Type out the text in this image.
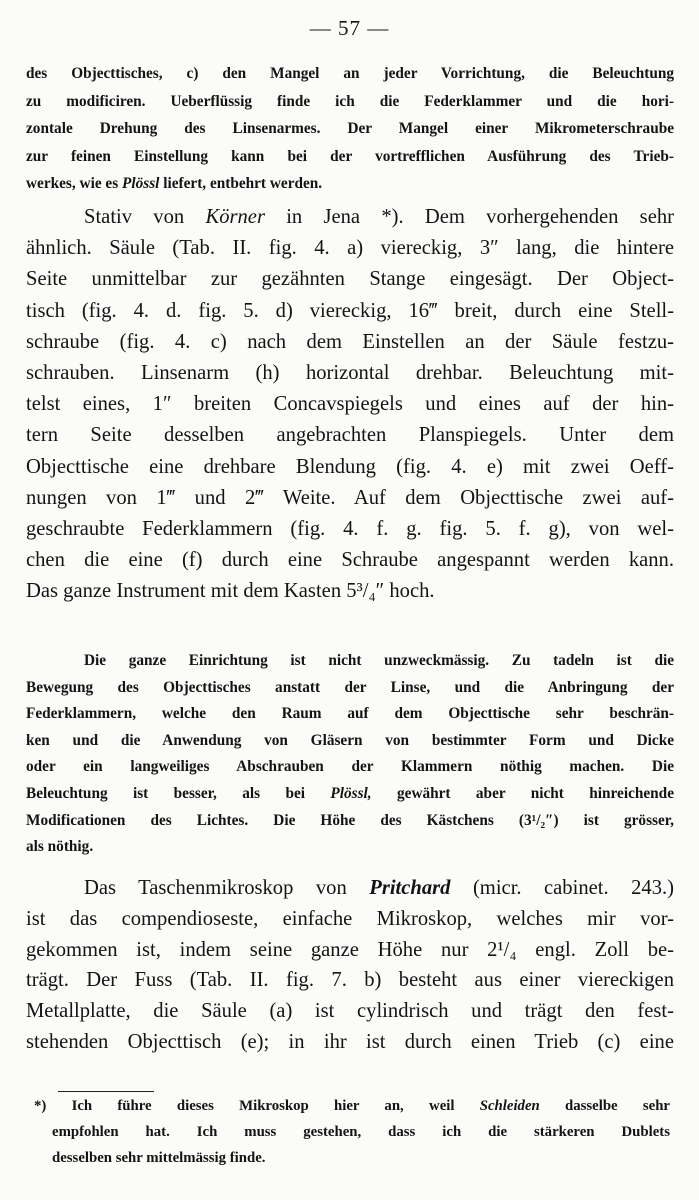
— 57 —
des Objecttisches, c) den Mangel an jeder Vorrichtung, die Beleuchtung
zu modificiren. Ueberflüssig finde ich die Federklammer und die hori-
zontale Drehung des Linsenarmes. Der Mangel einer Mikrometerschraube
zur feinen Einstellung kann bei der vortrefflichen Ausführung des Trieb-
werkes, wie es Plössl liefert, entbehrt werden.
Stativ von Körner in Jena *). Dem vorhergehenden sehr
ähnlich. Säule (Tab. II. fig. 4. a) viereckig, 3″ lang, die hintere
Seite unmittelbar zur gezähnten Stange eingesägt. Der Object-
tisch (fig. 4. d. fig. 5. d) viereckig, 16‴ breit, durch eine Stell-
schraube (fig. 4. c) nach dem Einstellen an der Säule festzu-
schrauben. Linsenarm (h) horizontal drehbar. Beleuchtung mit-
telst eines, 1″ breiten Concavspiegels und eines auf der hin-
tern Seite desselben angebrachten Planspiegels. Unter dem
Objecttische eine drehbare Blendung (fig. 4. e) mit zwei Oeff-
nungen von 1‴ und 2‴ Weite. Auf dem Objecttische zwei auf-
geschraubte Federklammern (fig. 4. f. g. fig. 5. f. g), von wel-
chen die eine (f) durch eine Schraube angespannt werden kann.
Das ganze Instrument mit dem Kasten 5³/₄″ hoch.
Die ganze Einrichtung ist nicht unzweckmässig. Zu tadeln ist die
Bewegung des Objecttisches anstatt der Linse, und die Anbringung der
Federklammern, welche den Raum auf dem Objecttische sehr beschrän-
ken und die Anwendung von Gläsern von bestimmter Form und Dicke
oder ein langweiliges Abschrauben der Klammern nöthig machen. Die
Beleuchtung ist besser, als bei Plössl, gewährt aber nicht hinreichende
Modificationen des Lichtes. Die Höhe des Kästchens (3¹/₂″) ist grösser,
als nöthig.
Das Taschenmikroskop von Pritchard (micr. cabinet. 243.)
ist das compendioseste, einfache Mikroskop, welches mir vor-
gekommen ist, indem seine ganze Höhe nur 2¹/₄ engl. Zoll be-
trägt. Der Fuss (Tab. II. fig. 7. b) besteht aus einer viereckigen
Metallplatte, die Säule (a) ist cylindrisch und trägt den fest-
stehenden Objecttisch (e); in ihr ist durch einen Trieb (c) eine
*) Ich führe dieses Mikroskop hier an, weil Schleiden dasselbe sehr
empfohlen hat. Ich muss gestehen, dass ich die stärkeren Dublets
desselben sehr mittelmässig finde.
